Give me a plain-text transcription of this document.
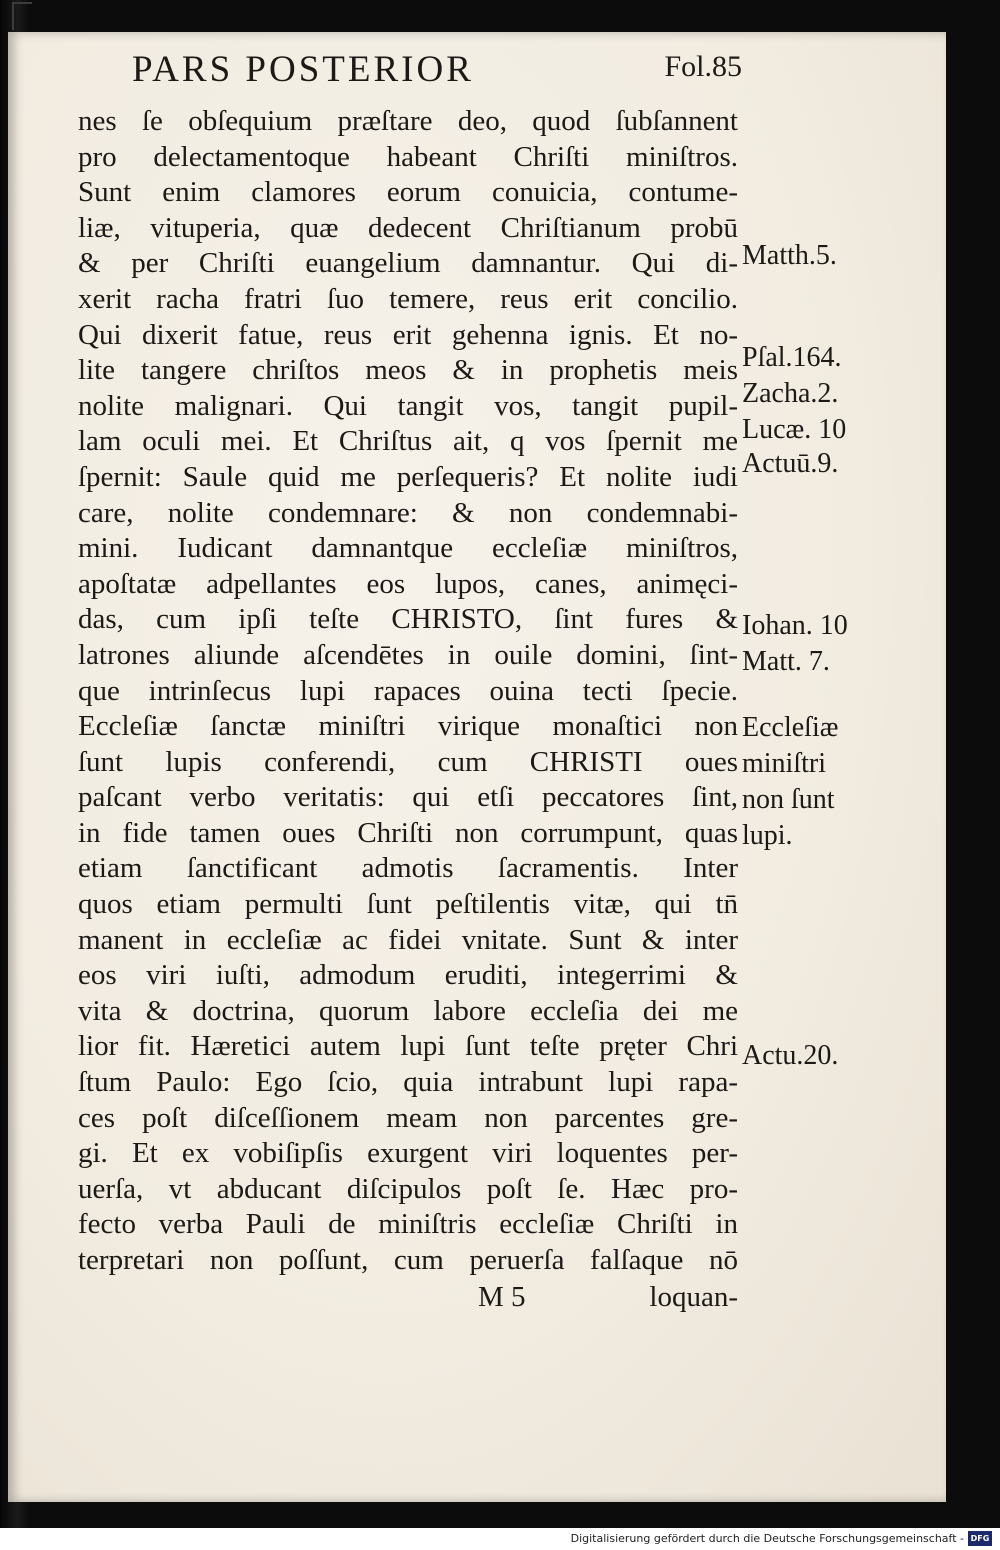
PARS POSTERIOR	Fol.85
nes ſe obſequium præſtare deo, quod ſubſannent
pro delectamentoque habeant Chriſti miniſtros.
Sunt enim clamores eorum conuicia, contume-
liæ, vituperia, quæ dedecent Chriſtianum probū
& per Chriſti euangelium damnantur. Qui di-
xerit racha fratri ſuo temere, reus erit concilio.
Qui dixerit fatue, reus erit gehenna ignis. Et no-
lite tangere chriſtos meos & in prophetis meis
nolite malignari. Qui tangit vos, tangit pupil-
lam oculi mei. Et Chriſtus ait, q vos ſpernit me
ſpernit: Saule quid me perſequeris? Et nolite iudi
care, nolite condemnare: & non condemnabi-
mini. Iudicant damnantque eccleſiæ miniſtros,
apoſtatæ adpellantes eos lupos, canes, animęci-
das, cum ipſi teſte CHRISTO, ſint fures &
latrones aliunde aſcendētes in ouile domini, ſint-
que intrinſecus lupi rapaces ouina tecti ſpecie.
Eccleſiæ ſanctæ miniſtri virique monaſtici non
ſunt lupis conferendi, cum CHRISTI oues
paſcant verbo veritatis: qui etſi peccatores ſint,
in fide tamen oues Chriſti non corrumpunt, quas
etiam ſanctificant admotis ſacramentis. Inter
quos etiam permulti ſunt peſtilentis vitæ, qui tn̄
manent in eccleſiæ ac fidei vnitate. Sunt & inter
eos viri iuſti, admodum eruditi, integerrimi &
vita & doctrina, quorum labore eccleſia dei me
lior fit. Hæretici autem lupi ſunt teſte pręter Chri
ſtum Paulo: Ego ſcio, quia intrabunt lupi rapa-
ces poſt diſceſſionem meam non parcentes gre-
gi. Et ex vobiſipſis exurgent viri loquentes per-
uerſa, vt abducant diſcipulos poſt ſe. Hæc pro-
fecto verba Pauli de miniſtris eccleſiæ Chriſti in
terpretari non poſſunt, cum peruerſa falſaque nō
M 5	loquan-
Matth.5.
Pſal.164.
Zacha.2.
Lucæ. 10
Actuū.9.
Iohan. 10
Matt. 7.
Eccleſiæ
miniſtri
non ſunt
lupi.
Actu.20.
Digitalisierung gefördert durch die Deutsche Forschungsgemeinschaft - DFG
